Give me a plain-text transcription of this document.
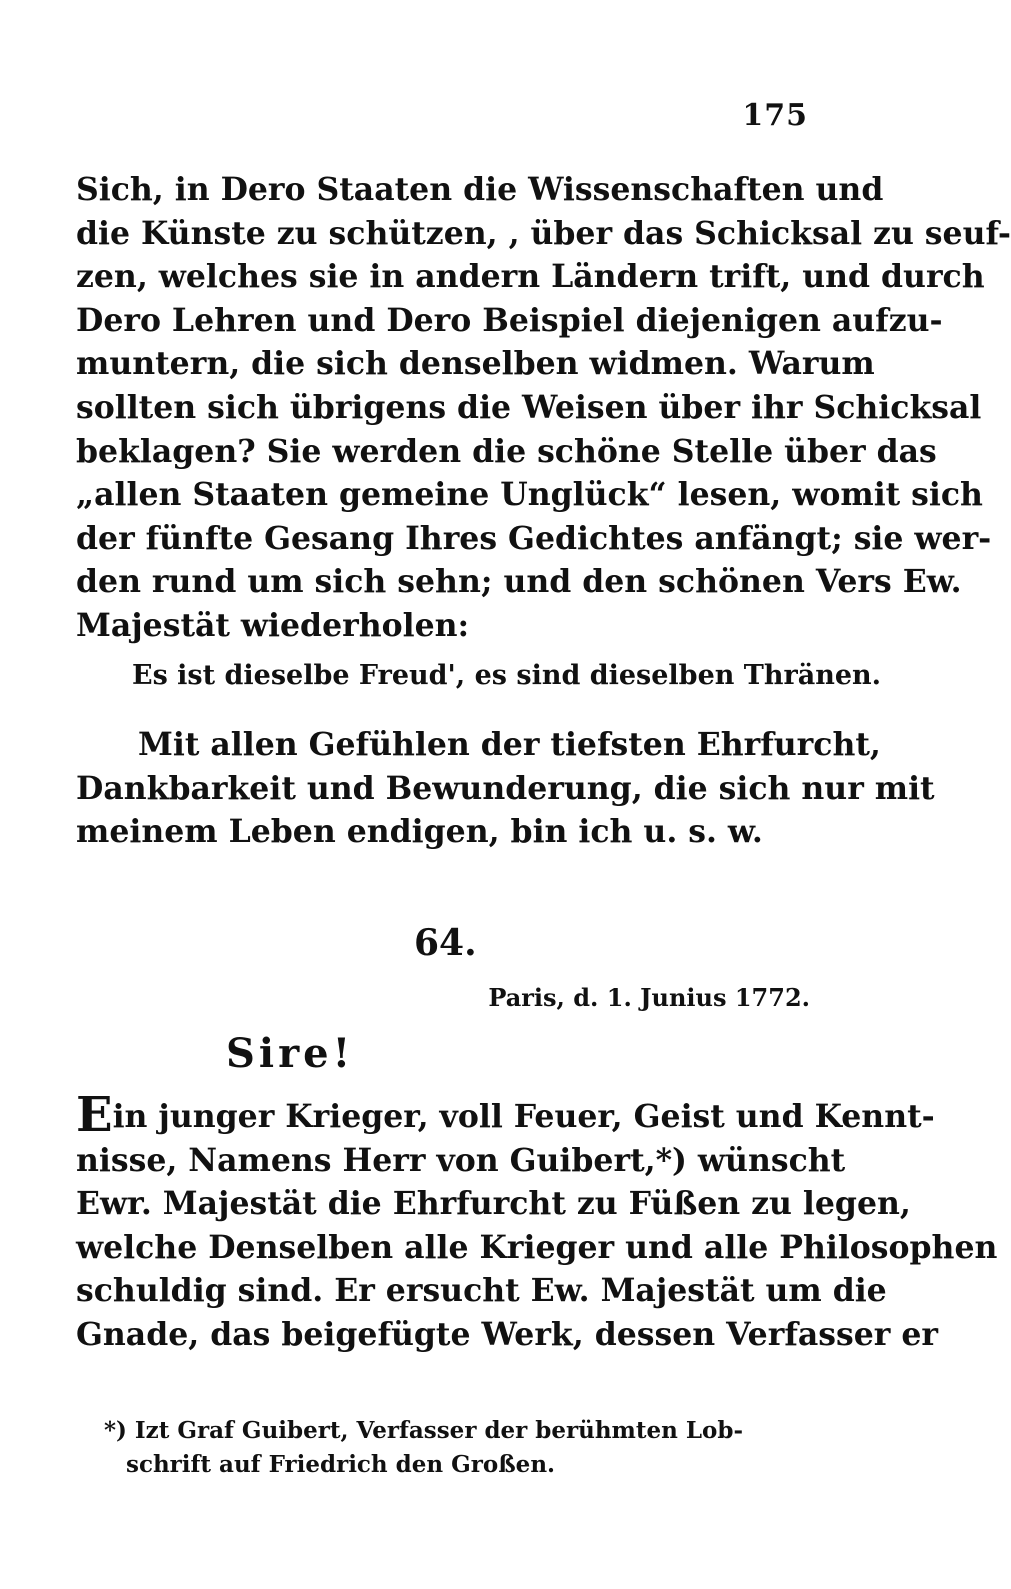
175
Sich, in Dero Staaten die Wissenschaften und
die Künste zu schützen, , über das Schicksal zu seuf-
zen, welches sie in andern Ländern trift, und durch
Dero Lehren und Dero Beispiel diejenigen aufzu-
muntern, die sich denselben widmen. Warum
sollten sich übrigens die Weisen über ihr Schicksal
beklagen? Sie werden die schöne Stelle über das
„allen Staaten gemeine Unglück“ lesen, womit sich
der fünfte Gesang Ihres Gedichtes anfängt; sie wer-
den rund um sich sehn; und den schönen Vers Ew.
Majestät wiederholen:
Es ist dieselbe Freud', es sind dieselben Thränen.
Mit allen Gefühlen der tiefsten Ehrfurcht,
Dankbarkeit und Bewunderung, die sich nur mit
meinem Leben endigen, bin ich u. s. w.
64.
Paris, d. 1. Junius 1772.
Sire!
Ein junger Krieger, voll Feuer, Geist und Kennt-
nisse, Namens Herr von Guibert,*) wünscht
Ewr. Majestät die Ehrfurcht zu Füßen zu legen,
welche Denselben alle Krieger und alle Philosophen
schuldig sind. Er ersucht Ew. Majestät um die
Gnade, das beigefügte Werk, dessen Verfasser er
*) Izt Graf Guibert, Verfasser der berühmten Lob-
schrift auf Friedrich den Großen.
